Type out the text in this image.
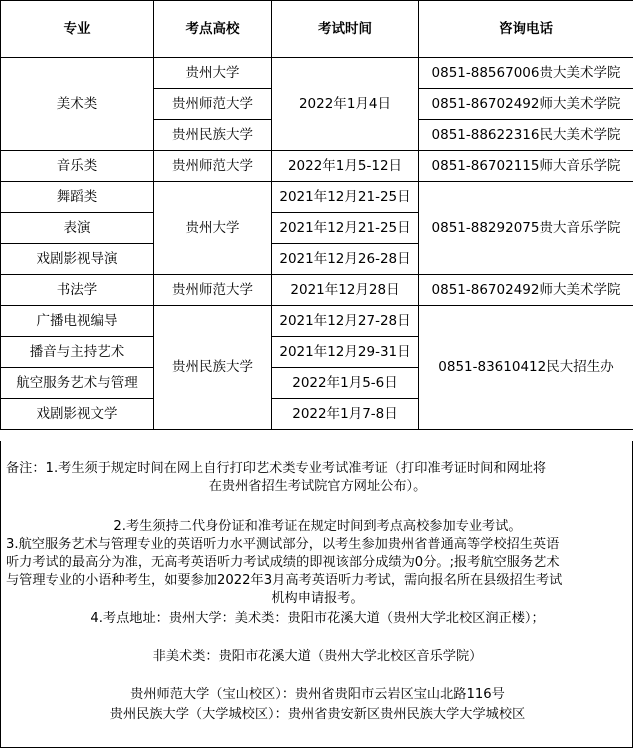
专业	考点高校	考试时间	咨询电话
美术类	贵州大学	2022年1月4日	0851-88567006贵大美术学院
	贵州师范大学		0851-86702492师大美术学院
	贵州民族大学		0851-88622316民大美术学院
音乐类	贵州师范大学	2022年1月5-12日	0851-86702115师大音乐学院
舞蹈类	贵州大学	2021年12月21-25日	0851-88292075贵大音乐学院
表演		2021年12月21-25日	
戏剧影视导演		2021年12月26-28日	
书法学	贵州师范大学	2021年12月28日	0851-86702492师大美术学院
广播电视编导	贵州民族大学	2021年12月27-28日	0851-83610412民大招生办
播音与主持艺术		2021年12月29-31日	
航空服务艺术与管理		2022年1月5-6日	
戏剧影视文学		2022年1月7-8日	
备注：1.考生须于规定时间在网上自行打印艺术类专业考试准考证（打印准考证时间和网址将
在贵州省招生考试院官方网址公布）。
2.考生须持二代身份证和准考证在规定时间到考点高校参加专业考试。
3.航空服务艺术与管理专业的英语听力水平测试部分，以考生参加贵州省普通高等学校招生英语
听力考试的最高分为准，无高考英语听力考试成绩的即视该部分成绩为0分。;报考航空服务艺术
与管理专业的小语种考生，如要参加2022年3月高考英语听力考试，需向报名所在县级招生考试
机构申请报考。
4.考点地址：贵州大学：美术类：贵阳市花溪大道（贵州大学北校区润正楼）；
非美术类：贵阳市花溪大道（贵州大学北校区音乐学院）
贵州师范大学（宝山校区）：贵州省贵阳市云岩区宝山北路116号
贵州民族大学（大学城校区）：贵州省贵安新区贵州民族大学大学城校区
